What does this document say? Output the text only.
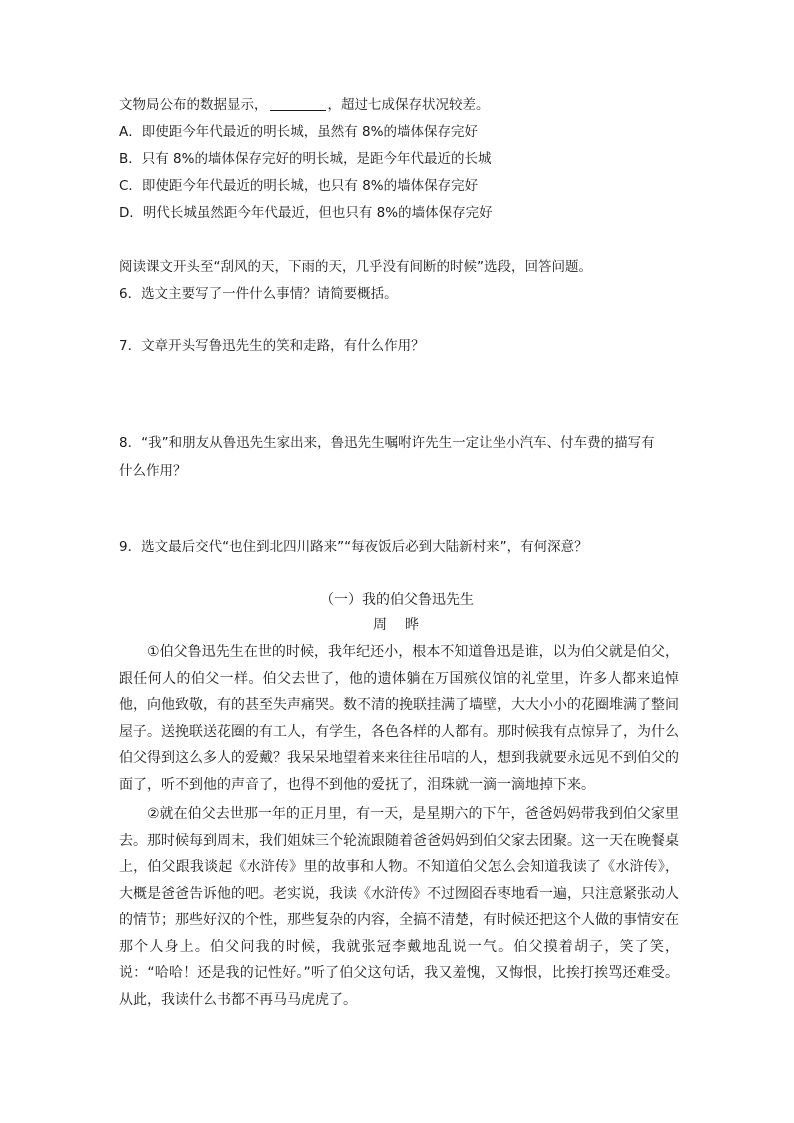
文物局公布的数据显示，	，超过七成保存状况较差。
A．即使距今年代最近的明长城，虽然有 8%的墙体保存完好
B．只有 8%的墙体保存完好的明长城，是距今年代最近的长城
C．即使距今年代最近的明长城，也只有 8%的墙体保存完好
D．明代长城虽然距今年代最近，但也只有 8%的墙体保存完好
阅读课文开头至“刮风的天，下雨的天，几乎没有间断的时候”选段，回答问题。
6．选文主要写了一件什么事情？请简要概括。
7．文章开头写鲁迅先生的笑和走路，有什么作用？
8．“我”和朋友从鲁迅先生家出来，鲁迅先生嘱咐许先生一定让坐小汽车、付车费的描写有
什么作用？
9．选文最后交代“也住到北四川路来”“每夜饭后必到大陆新村来”，有何深意？
（一）我的伯父鲁迅先生
周　晔
①伯父鲁迅先生在世的时候，我年纪还小，根本不知道鲁迅是谁，以为伯父就是伯父，跟任何人的伯父一样。伯父去世了，他的遗体躺在万国殡仪馆的礼堂里，许多人都来追悼他，向他致敬，有的甚至失声痛哭。数不清的挽联挂满了墙壁，大大小小的花圈堆满了整间屋子。送挽联送花圈的有工人，有学生，各色各样的人都有。那时候我有点惊异了，为什么伯父得到这么多人的爱戴？我呆呆地望着来来往往吊唁的人，想到我就要永远见不到伯父的面了，听不到他的声音了，也得不到他的爱抚了，泪珠就一滴一滴地掉下来。
②就在伯父去世那一年的正月里，有一天，是星期六的下午，爸爸妈妈带我到伯父家里去。那时候每到周末，我们姐妹三个轮流跟随着爸爸妈妈到伯父家去团聚。这一天在晚餐桌上，伯父跟我谈起《水浒传》里的故事和人物。不知道伯父怎么会知道我读了《水浒传》，大概是爸爸告诉他的吧。老实说，我读《水浒传》不过囫囵吞枣地看一遍，只注意紧张动人的情节；那些好汉的个性，那些复杂的内容，全搞不清楚，有时候还把这个人做的事情安在那个人身上。伯父问我的时候，我就张冠李戴地乱说一气。伯父摸着胡子，笑了笑，说：“哈哈！还是我的记性好。”听了伯父这句话，我又羞愧，又悔恨，比挨打挨骂还难受。从此，我读什么书都不再马马虎虎了。
